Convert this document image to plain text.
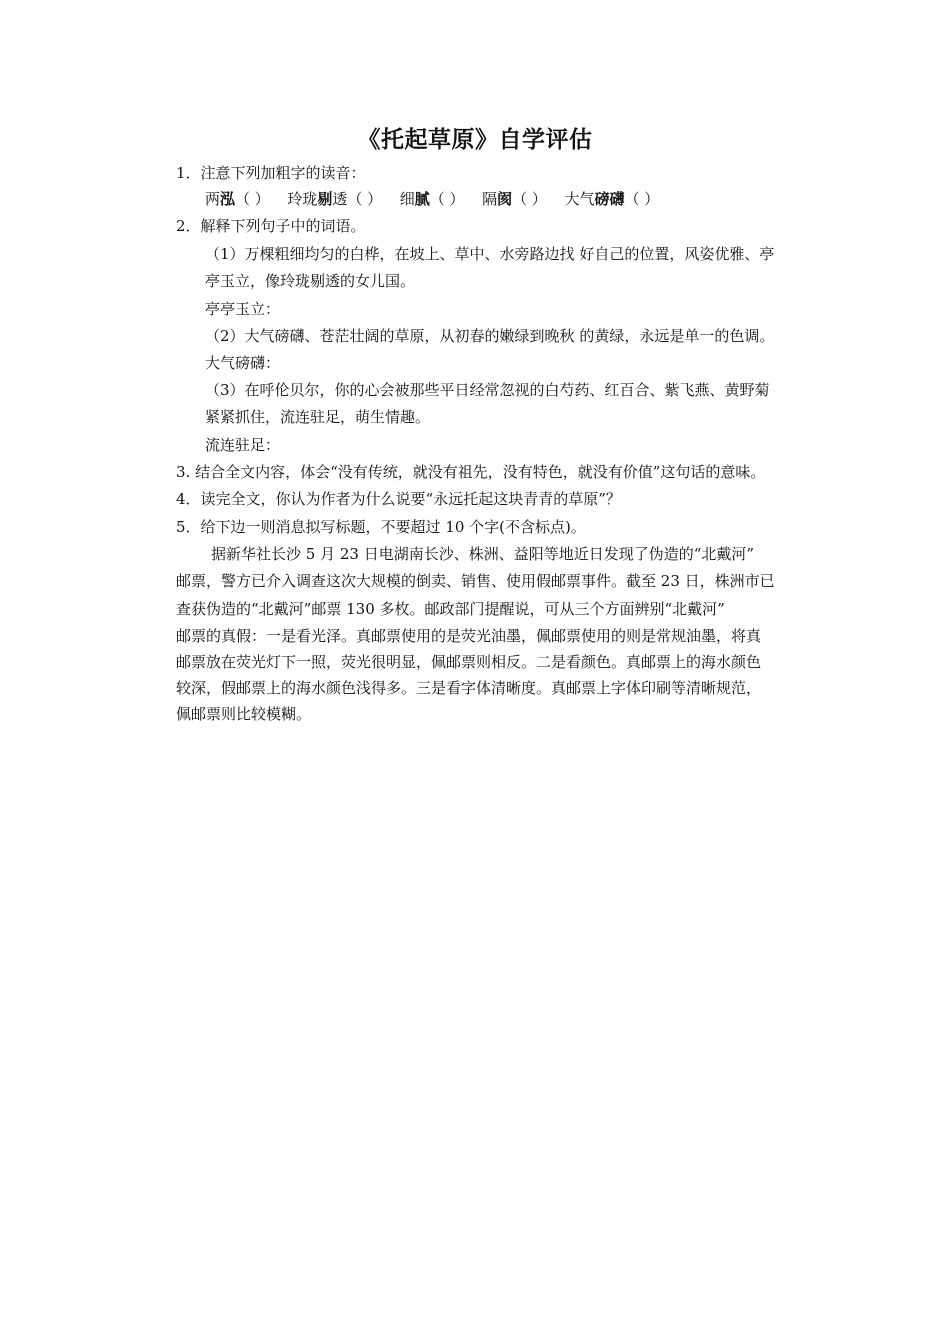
《托起草原》自学评估
1．注意下列加粗字的读音：
两泓（ ） 玲珑剔透（ ） 细腻（ ） 隔阂（ ） 大气磅礴（ ）
2．解释下列句子中的词语。
（1）万棵粗细均匀的白桦，在坡上、草中、水旁路边找 好自己的位置，风姿优雅、亭
亭玉立，像玲珑剔透的女儿国。
亭亭玉立：
（2）大气磅礴、苍茫壮阔的草原，从初春的嫩绿到晚秋 的黄绿，永远是单一的色调。
大气磅礴：
（3）在呼伦贝尔，你的心会被那些平日经常忽视的白芍药、红百合、紫飞燕、黄野菊
紧紧抓住，流连驻足，萌生情趣。
流连驻足：
3. 结合全文内容，体会“没有传统，就没有祖先，没有特色，就没有价值”这句话的意味。
4．读完全文，你认为作者为什么说要“永远托起这块青青的草原”？
5．给下边一则消息拟写标题，不要超过 10 个字(不含标点)。
据新华社长沙 5 月 23 日电湖南长沙、株洲、益阳等地近日发现了伪造的“北戴河”
邮票，警方已介入调查这次大规模的倒卖、销售、使用假邮票事件。截至 23 日，株洲市已
查获伪造的“北戴河”邮票 130 多枚。邮政部门提醒说，可从三个方面辨别“北戴河”
邮票的真假：一是看光泽。真邮票使用的是荧光油墨，佩邮票使用的则是常规油墨，将真
邮票放在荧光灯下一照，荧光很明显，佩邮票则相反。二是看颜色。真邮票上的海水颜色
较深，假邮票上的海水颜色浅得多。三是看字体清晰度。真邮票上字体印刷等清晰规范，
佩邮票则比较模糊。
